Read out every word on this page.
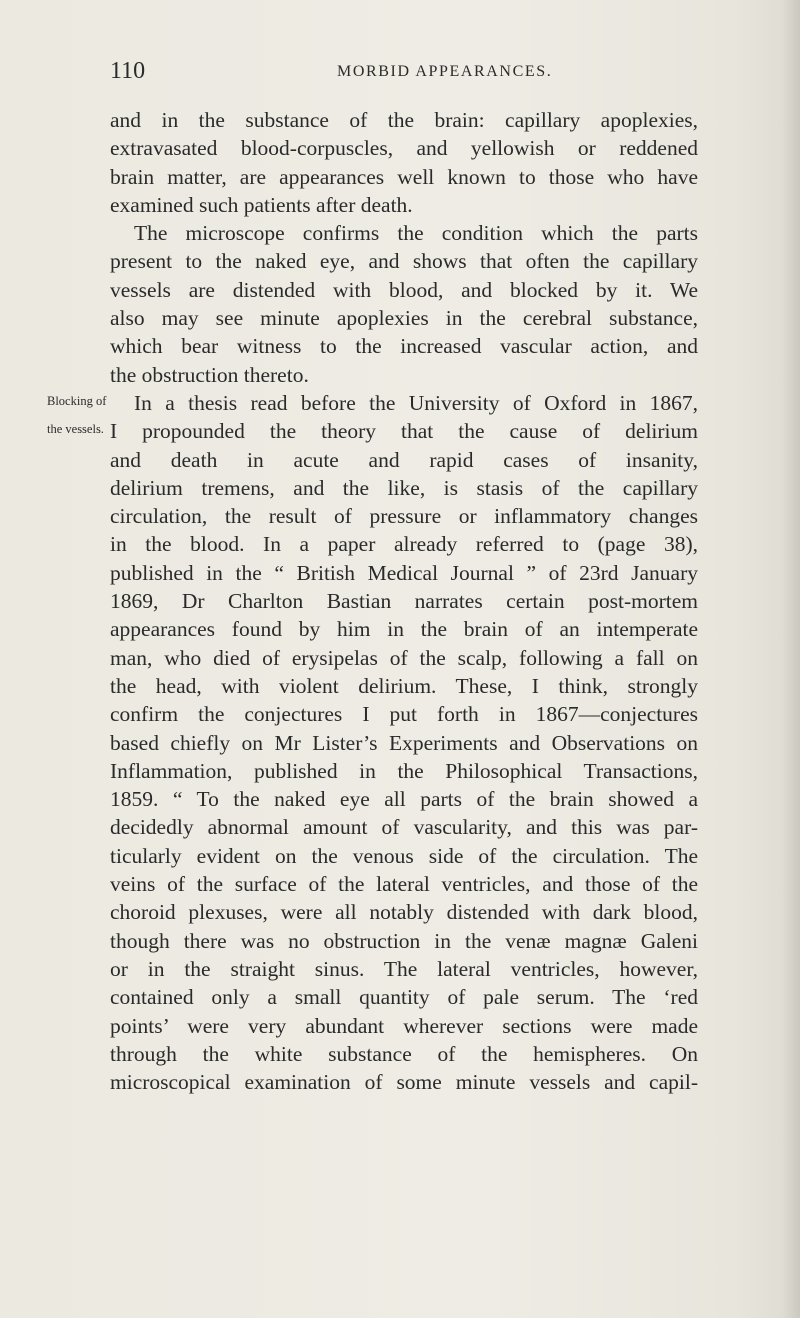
110	MORBID APPEARANCES.
Blocking of
the vessels.
and in the substance of the brain: capillary apoplexies,
extravasated blood-corpuscles, and yellowish or reddened
brain matter, are appearances well known to those who have
examined such patients after death.
The microscope confirms the condition which the parts
present to the naked eye, and shows that often the capillary
vessels are distended with blood, and blocked by it. We
also may see minute apoplexies in the cerebral substance,
which bear witness to the increased vascular action, and
the obstruction thereto.
In a thesis read before the University of Oxford in 1867,
I propounded the theory that the cause of delirium
and death in acute and rapid cases of insanity,
delirium tremens, and the like, is stasis of the capillary
circulation, the result of pressure or inflammatory changes
in the blood. In a paper already referred to (page 38),
published in the “ British Medical Journal ” of 23rd January
1869, Dr Charlton Bastian narrates certain post-mortem
appearances found by him in the brain of an intemperate
man, who died of erysipelas of the scalp, following a fall on
the head, with violent delirium. These, I think, strongly
confirm the conjectures I put forth in 1867—conjectures
based chiefly on Mr Lister’s Experiments and Observations on
Inflammation, published in the Philosophical Transactions,
1859. “ To the naked eye all parts of the brain showed a
decidedly abnormal amount of vascularity, and this was par-
ticularly evident on the venous side of the circulation. The
veins of the surface of the lateral ventricles, and those of the
choroid plexuses, were all notably distended with dark blood,
though there was no obstruction in the venæ magnæ Galeni
or in the straight sinus. The lateral ventricles, however,
contained only a small quantity of pale serum. The ‘red
points’ were very abundant wherever sections were made
through the white substance of the hemispheres. On
microscopical examination of some minute vessels and capil-
